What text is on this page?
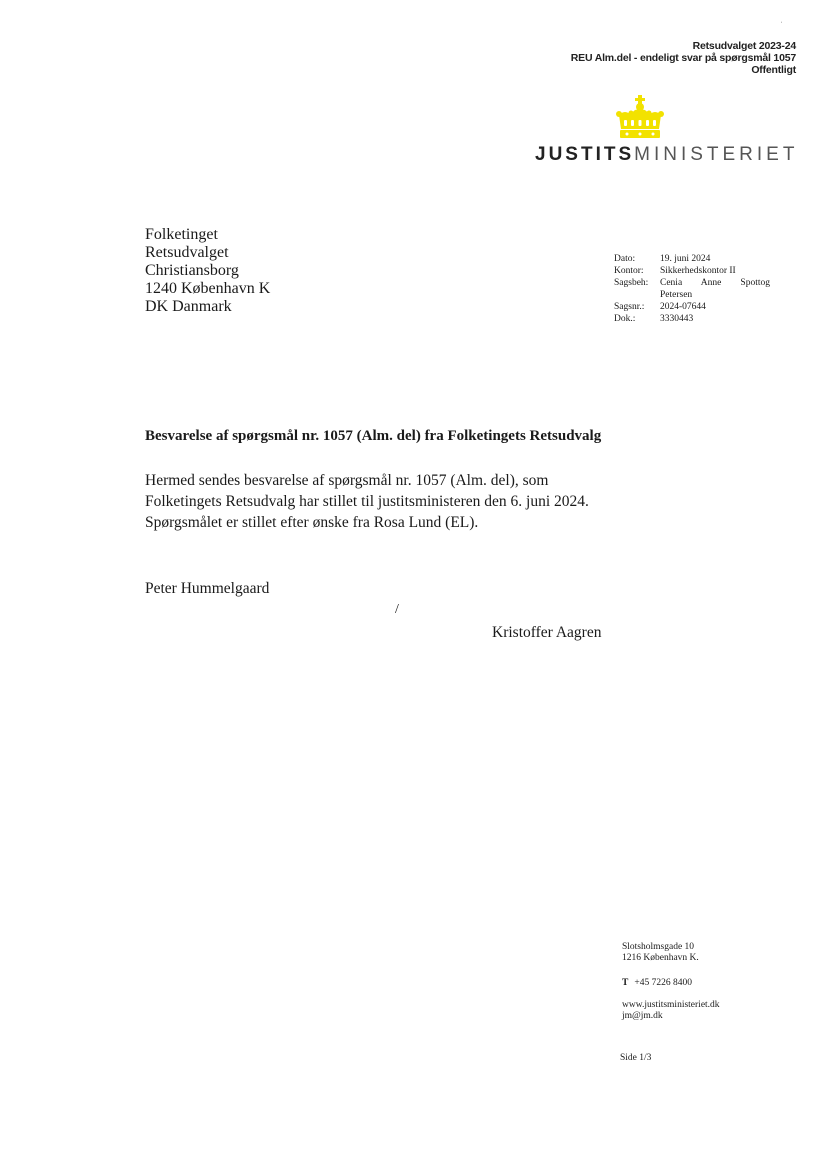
ˌ
Retsudvalget 2023-24
REU Alm.del - endeligt svar på spørgsmål 1057
Offentligt
JUSTITSMINISTERIET
Folketinget
Retsudvalget
Christiansborg
1240 København K
DK Danmark
Dato:	19. juni 2024
Kontor:	Sikkerhedskontor II
Sagsbeh:	Cenia Anne Spottog
	Petersen
Sagsnr.:	2024-07644
Dok.:	3330443
Besvarelse af spørgsmål nr. 1057 (Alm. del) fra Folketingets Retsudvalg
Hermed sendes besvarelse af spørgsmål nr. 1057 (Alm. del), som
Folketingets Retsudvalg har stillet til justitsministeren den 6. juni 2024.
Spørgsmålet er stillet efter ønske fra Rosa Lund (EL).
Peter Hummelgaard
/
Kristoffer Aagren
Slotsholmsgade 10
1216 København K.
T +45 7226 8400
www.justitsministeriet.dk
jm@jm.dk
Side 1/3
